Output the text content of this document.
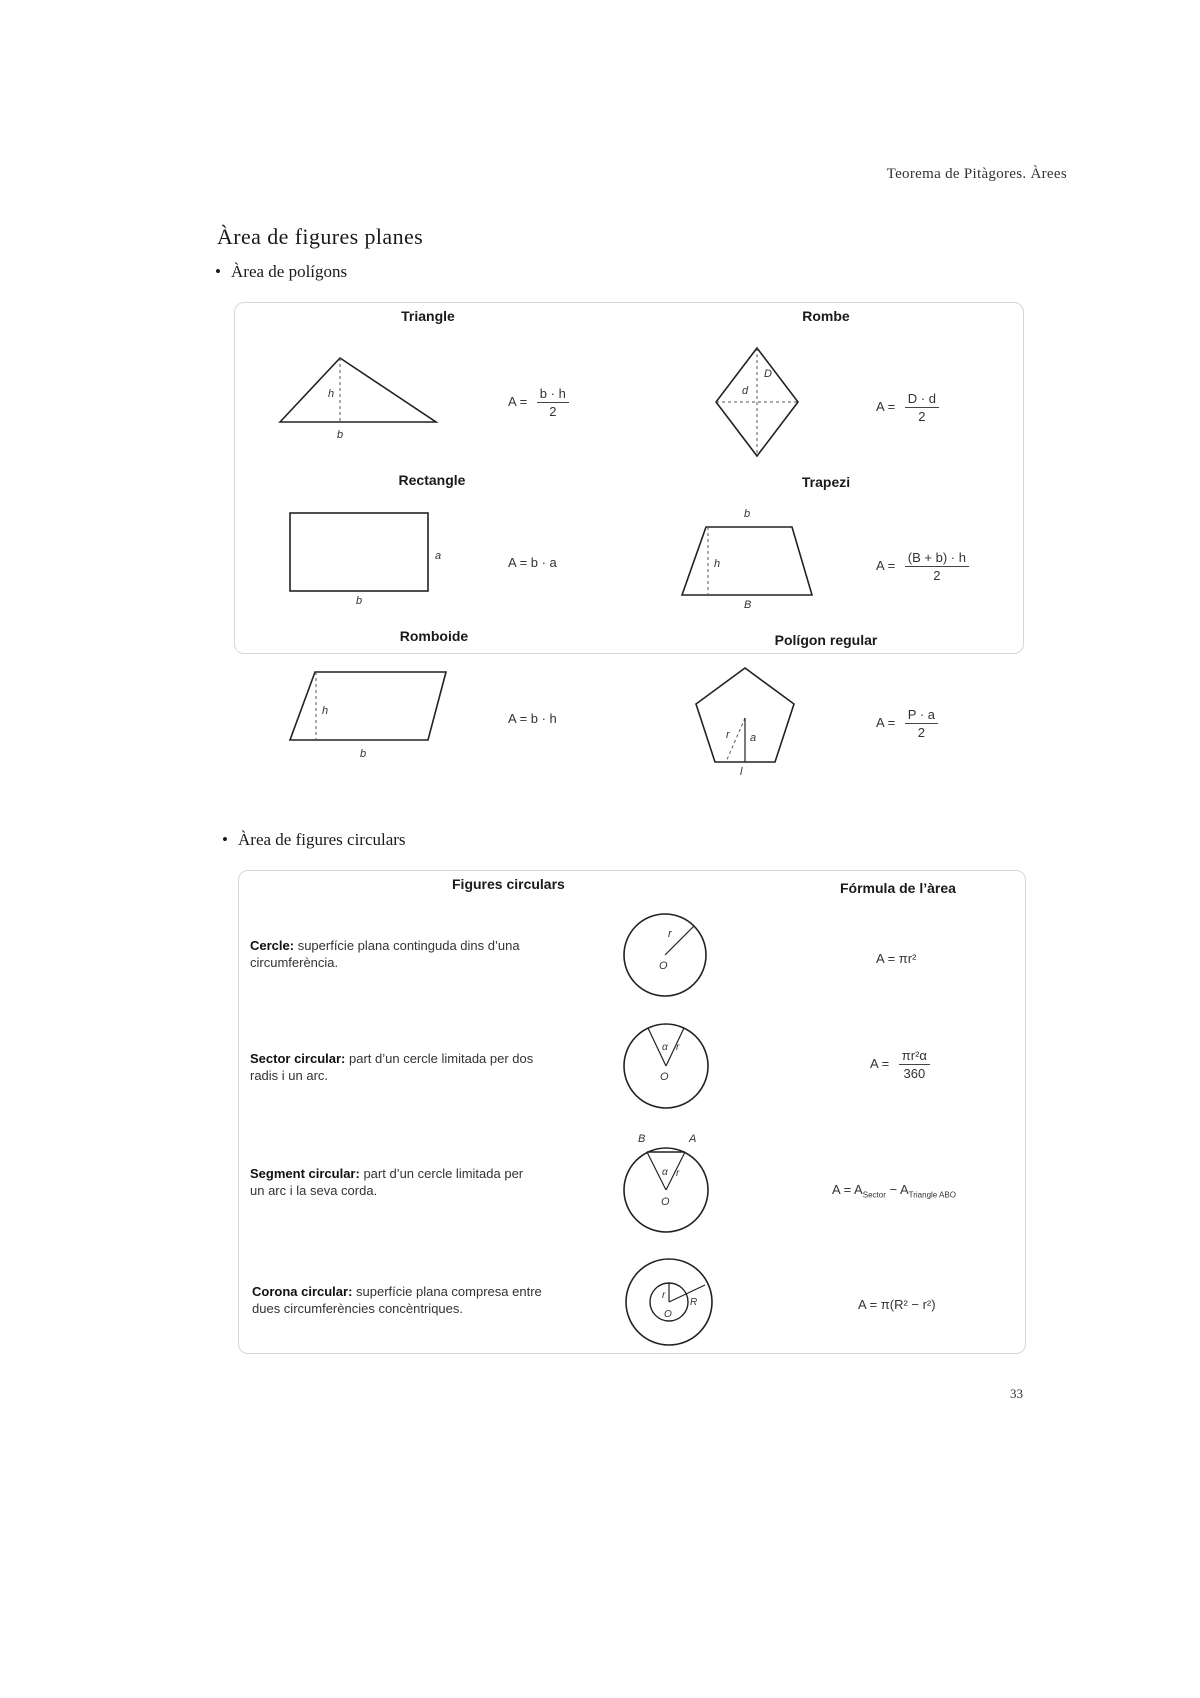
Teorema de Pitàgores. Àrees
Àrea de figures planes
• Àrea de polígons
Triangle
h
b
$A = \frac{b \cdot h}{2}$
Rombe
D
d
$A = \frac{D \cdot d}{2}$
Rectangle
a
b
A = b · a
Trapezi
b
h
B
$A = \frac{(B + b) \cdot h}{2}$
Romboide
h
b
A = b · h
Polígon regular
r a
l
$A = \frac{P \cdot a}{2}$
• Àrea de figures circulars
Figures circulars	Fórmula de l’àrea
Cercle: superfície plana continguda dins d’una circumferència.
r
O	A = πr²
Sector circular: part d’un cercle limitada per dos radis i un arc.
α r
O
$A = \frac{\text{πr²α}}{360}$
Segment circular: part d’un cercle limitada per un arc i la seva corda.
B	A
α r
O
$A = A_{Sector} - A_{Triangle ABO}$
Corona circular: superfície plana compresa entre dues circumferències concèntriques.
r
R
O
A = π(R² − r²)
33
